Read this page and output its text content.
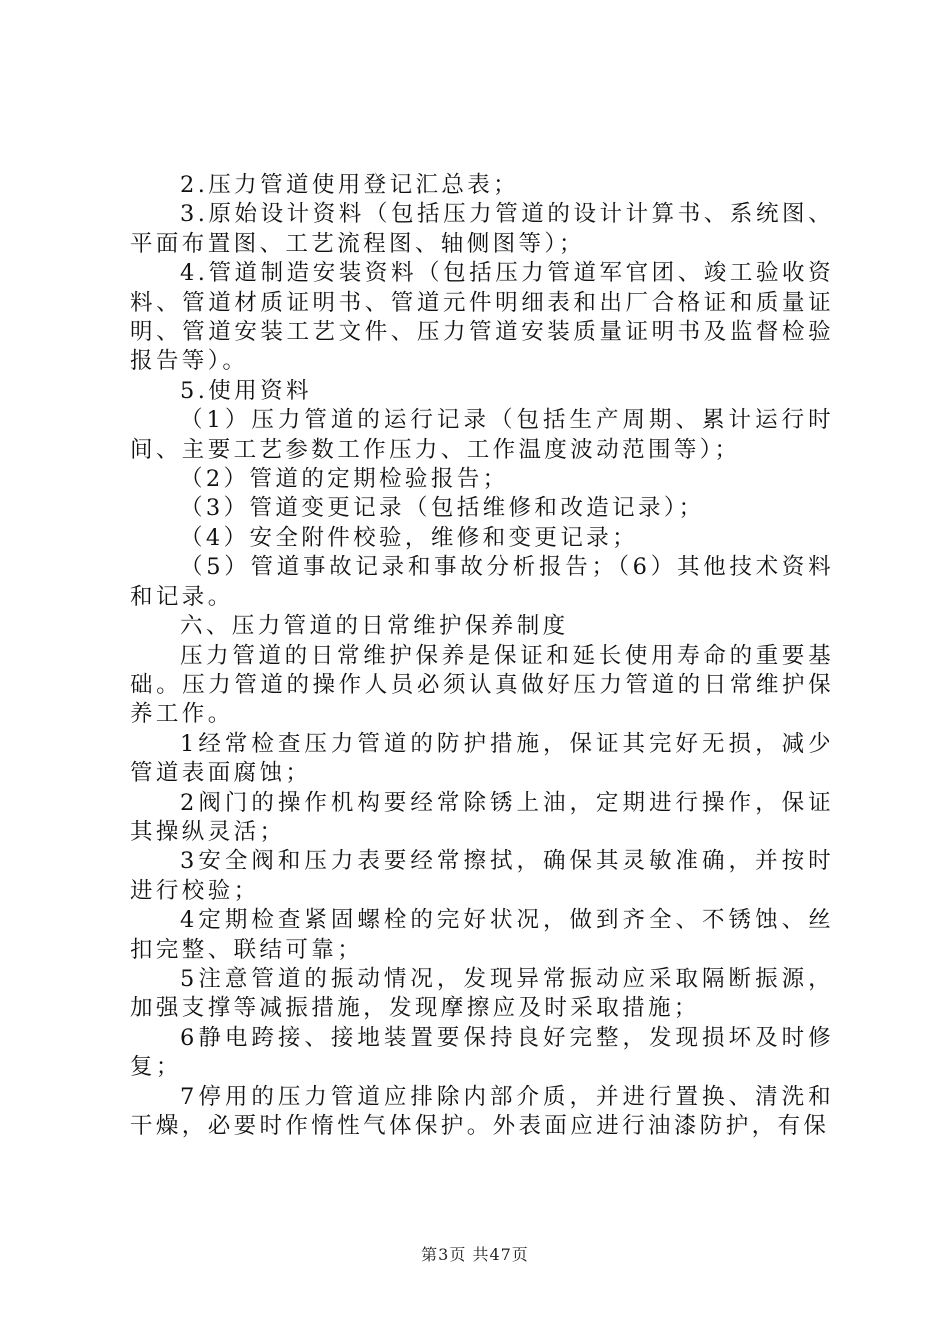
2.压力管道使用登记汇总表；

3.原始设计资料（包括压力管道的设计计算书、系统图、平面布置图、工艺流程图、轴侧图等）；

4.管道制造安装资料（包括压力管道军官团、竣工验收资料、管道材质证明书、管道元件明细表和出厂合格证和质量证明、管道安装工艺文件、压力管道安装质量证明书及监督检验报告等）。

5.使用资料

（1）压力管道的运行记录（包括生产周期、累计运行时间、主要工艺参数工作压力、工作温度波动范围等）；

（2）管道的定期检验报告；

（3）管道变更记录（包括维修和改造记录）；

（4）安全附件校验，维修和变更记录；

（5）管道事故记录和事故分析报告；（6）其他技术资料和记录。

六、压力管道的日常维护保养制度

压力管道的日常维护保养是保证和延长使用寿命的重要基础。压力管道的操作人员必须认真做好压力管道的日常维护保养工作。

1经常检查压力管道的防护措施，保证其完好无损，减少管道表面腐蚀；

2阀门的操作机构要经常除锈上油，定期进行操作，保证其操纵灵活；

3安全阀和压力表要经常擦拭，确保其灵敏准确，并按时进行校验；

4定期检查紧固螺栓的完好状况，做到齐全、不锈蚀、丝扣完整、联结可靠；

5注意管道的振动情况，发现异常振动应采取隔断振源，加强支撑等减振措施，发现摩擦应及时采取措施；

6静电跨接、接地装置要保持良好完整，发现损坏及时修复；

7停用的压力管道应排除内部介质，并进行置换、清洗和干燥，必要时作惰性气体保护。外表面应进行油漆防护，有保

第3页 共47页
